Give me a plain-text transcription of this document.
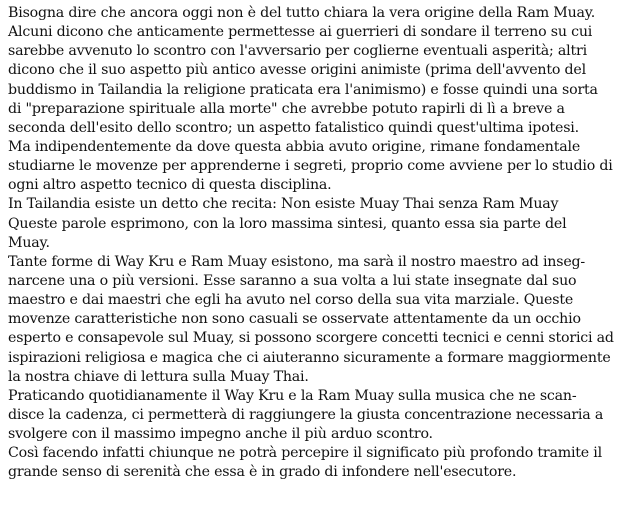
Bisogna dire che ancora oggi non è del tutto chiara la vera origine della Ram Muay.
Alcuni dicono che anticamente permettesse ai guerrieri di sondare il terreno su cui
sarebbe avvenuto lo scontro con l'avversario per coglierne eventuali asperità; altri
dicono che il suo aspetto più antico avesse origini animiste (prima dell'avvento del
buddismo in Tailandia la religione praticata era l'animismo) e fosse quindi una sorta
di "preparazione spirituale alla morte" che avrebbe potuto rapirli di lì a breve a
seconda dell'esito dello scontro; un aspetto fatalistico quindi quest'ultima ipotesi.
Ma indipendentemente da dove questa abbia avuto origine, rimane fondamentale
studiarne le movenze per apprenderne i segreti, proprio come avviene per lo studio di
ogni altro aspetto tecnico di questa disciplina.
In Tailandia esiste un detto che recita: Non esiste Muay Thai senza Ram Muay
Queste parole esprimono, con la loro massima sintesi, quanto essa sia parte del
Muay.
Tante forme di Way Kru e Ram Muay esistono, ma sarà il nostro maestro ad inseg-
narcene una o più versioni. Esse saranno a sua volta a lui state insegnate dal suo
maestro e dai maestri che egli ha avuto nel corso della sua vita marziale. Queste
movenze caratteristiche non sono casuali se osservate attentamente da un occhio
esperto e consapevole sul Muay, si possono scorgere concetti tecnici e cenni storici ad
ispirazioni religiosa e magica che ci aiuteranno sicuramente a formare maggiormente
la nostra chiave di lettura sulla Muay Thai.
Praticando quotidianamente il Way Kru e la Ram Muay sulla musica che ne scan-
disce la cadenza, ci permetterà di raggiungere la giusta concentrazione necessaria a
svolgere con il massimo impegno anche il più arduo scontro.
Così facendo infatti chiunque ne potrà percepire il significato più profondo tramite il
grande senso di serenità che essa è in grado di infondere nell'esecutore.
